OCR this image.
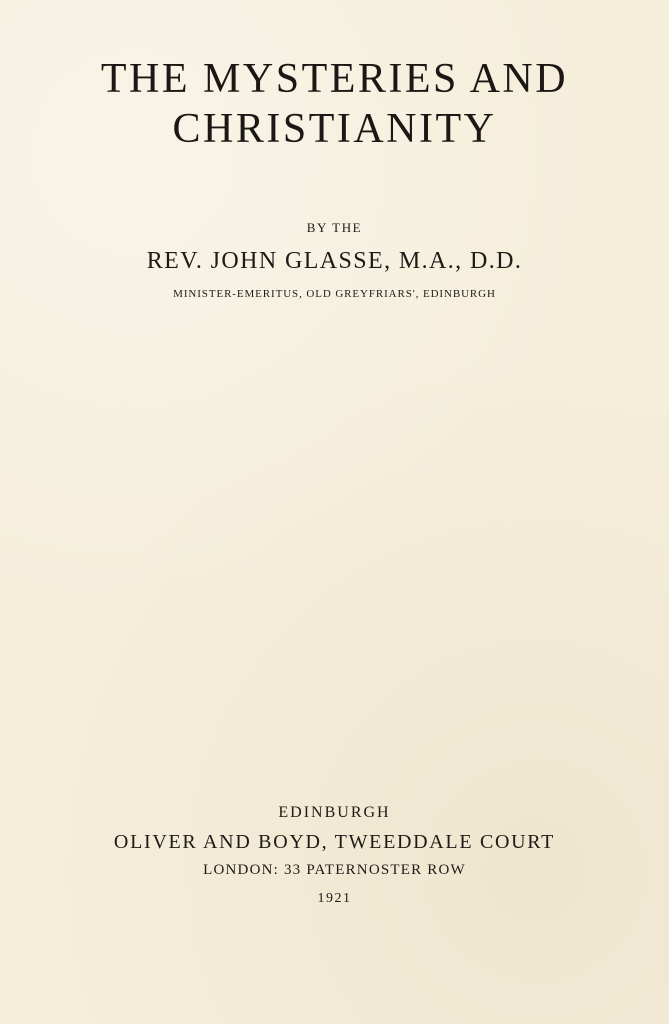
THE MYSTERIES AND
CHRISTIANITY
BY THE
REV. JOHN GLASSE, M.A., D.D.
MINISTER-EMERITUS, OLD GREYFRIARS', EDINBURGH
EDINBURGH
OLIVER AND BOYD, TWEEDDALE COURT
LONDON: 33 PATERNOSTER ROW
1921
